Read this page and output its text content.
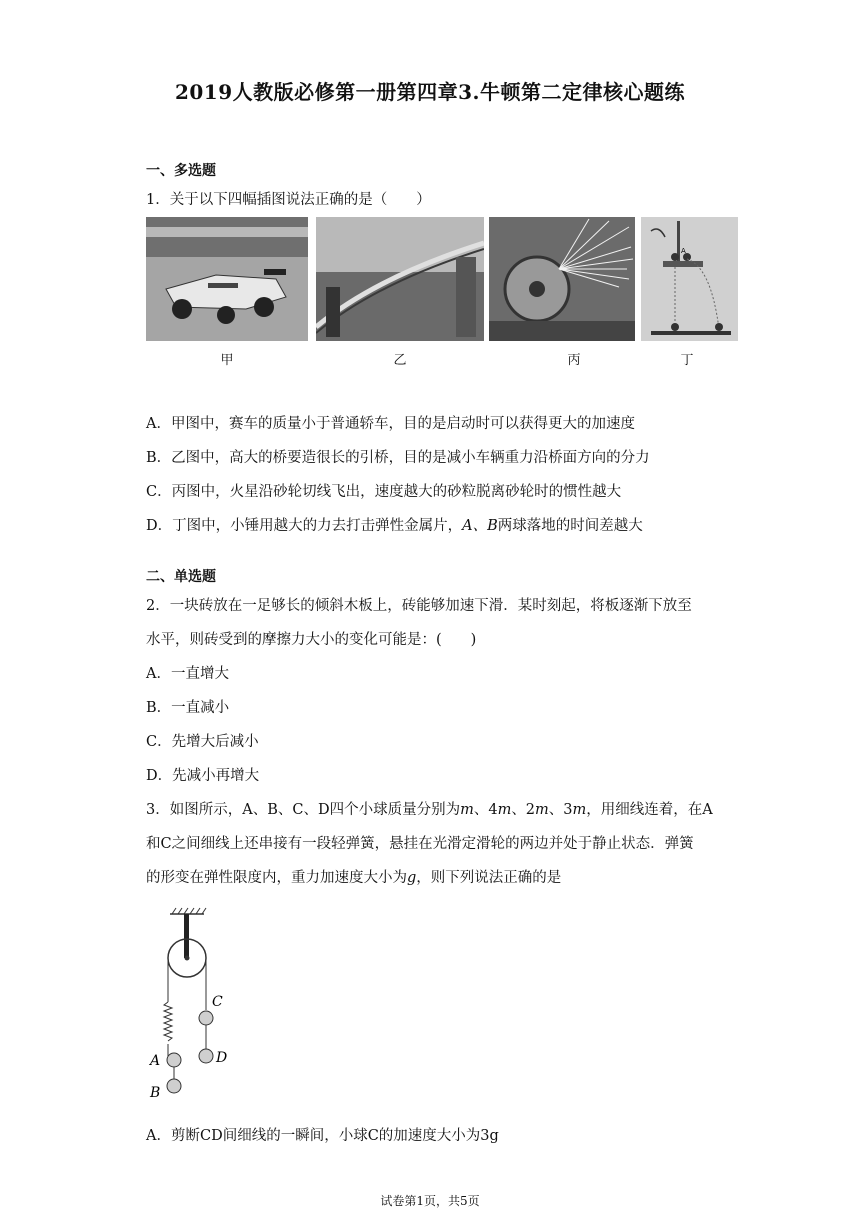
2019人教版必修第一册第四章3.牛顿第二定律核心题练
一、多选题
1．关于以下四幅插图说法正确的是（　　）
甲	乙	丙
A
丁
A．甲图中，赛车的质量小于普通轿车，目的是启动时可以获得更大的加速度
B．乙图中，高大的桥要造很长的引桥，目的是减小车辆重力沿桥面方向的分力
C．丙图中，火星沿砂轮切线飞出，速度越大的砂粒脱离砂轮时的惯性越大
D．丁图中，小锤用越大的力去打击弹性金属片，A、B两球落地的时间差越大
二、单选题
2．一块砖放在一足够长的倾斜木板上，砖能够加速下滑．某时刻起，将板逐渐下放至
水平，则砖受到的摩擦力大小的变化可能是：(　　)
A．一直增大
B．一直减小
C．先增大后减小
D．先减小再增大
3．如图所示，A、B、C、D四个小球质量分别为m、4m、2m、3m，用细线连着，在A
和C之间细线上还串接有一段轻弹簧，悬挂在光滑定滑轮的两边并处于静止状态．弹簧
的形变在弹性限度内，重力加速度大小为g，则下列说法正确的是
A
B
C
D
A．剪断CD间细线的一瞬间，小球C的加速度大小为3g
试卷第1页，共5页
